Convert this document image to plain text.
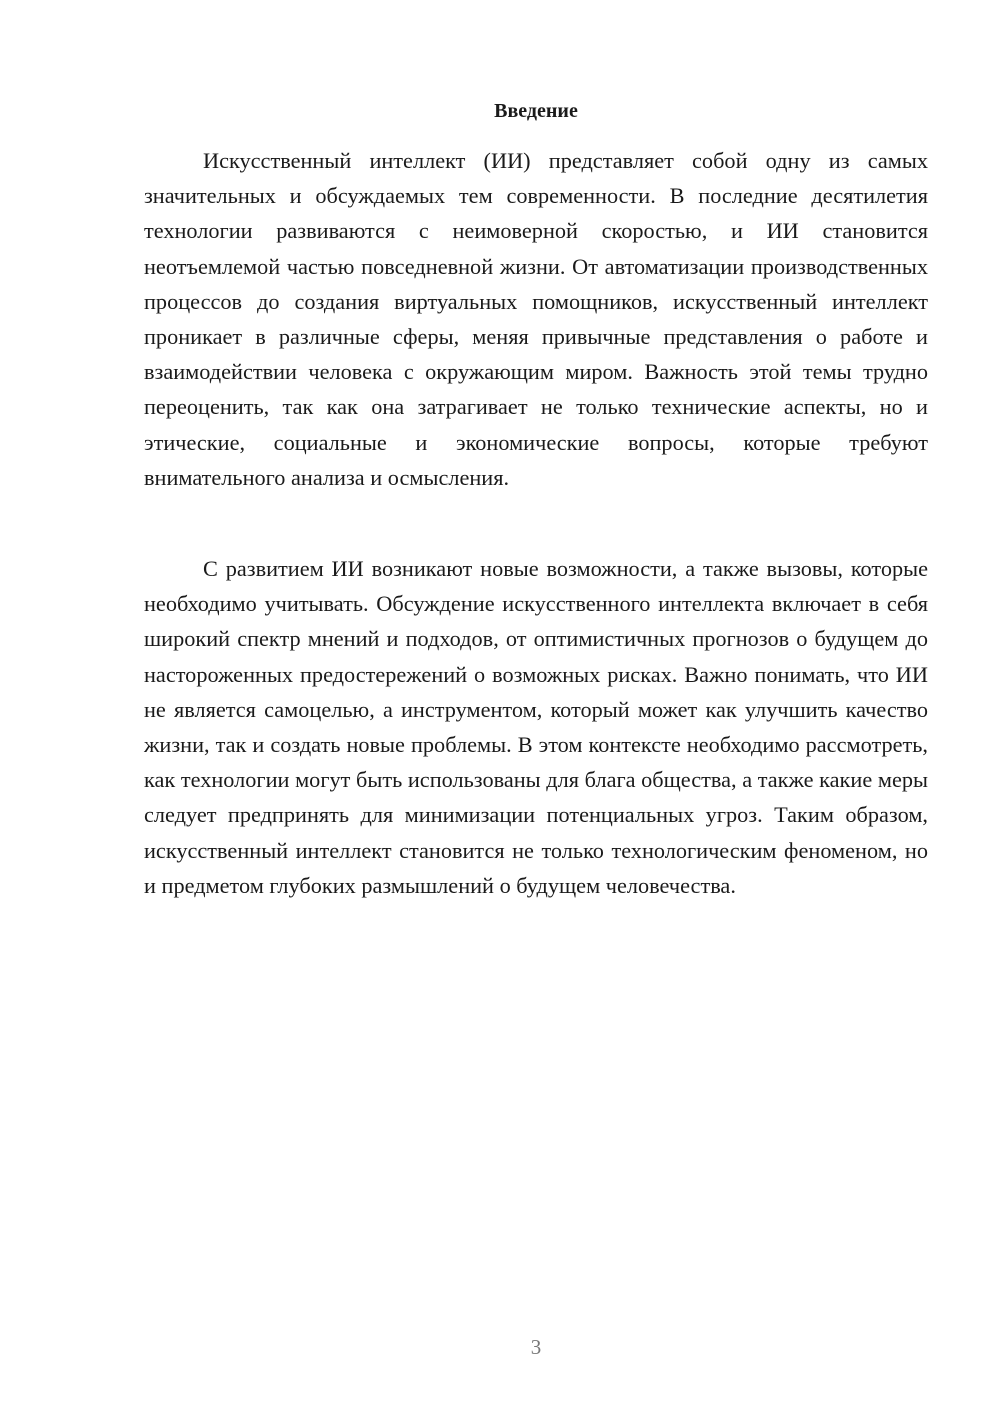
Введение

Искусственный интеллект (ИИ) представляет собой одну из самых значительных и обсуждаемых тем современности. В последние десятилетия технологии развиваются с неимоверной скоростью, и ИИ становится неотъемлемой частью повседневной жизни. От автоматизации производственных процессов до создания виртуальных помощников, искусственный интеллект проникает в различные сферы, меняя привычные представления о работе и взаимодействии человека с окружающим миром. Важность этой темы трудно переоценить, так как она затрагивает не только технические аспекты, но и этические, социальные и экономические вопросы, которые требуют внимательного анализа и осмысления.

С развитием ИИ возникают новые возможности, а также вызовы, которые необходимо учитывать. Обсуждение искусственного интеллекта включает в себя широкий спектр мнений и подходов, от оптимистичных прогнозов о будущем до настороженных предостережений о возможных рисках. Важно понимать, что ИИ не является самоцелью, а инструментом, который может как улучшить качество жизни, так и создать новые проблемы. В этом контексте необходимо рассмотреть, как технологии могут быть использованы для блага общества, а также какие меры следует предпринять для минимизации потенциальных угроз. Таким образом, искусственный интеллект становится не только технологическим феноменом, но и предметом глубоких размышлений о будущем человечества.

3
